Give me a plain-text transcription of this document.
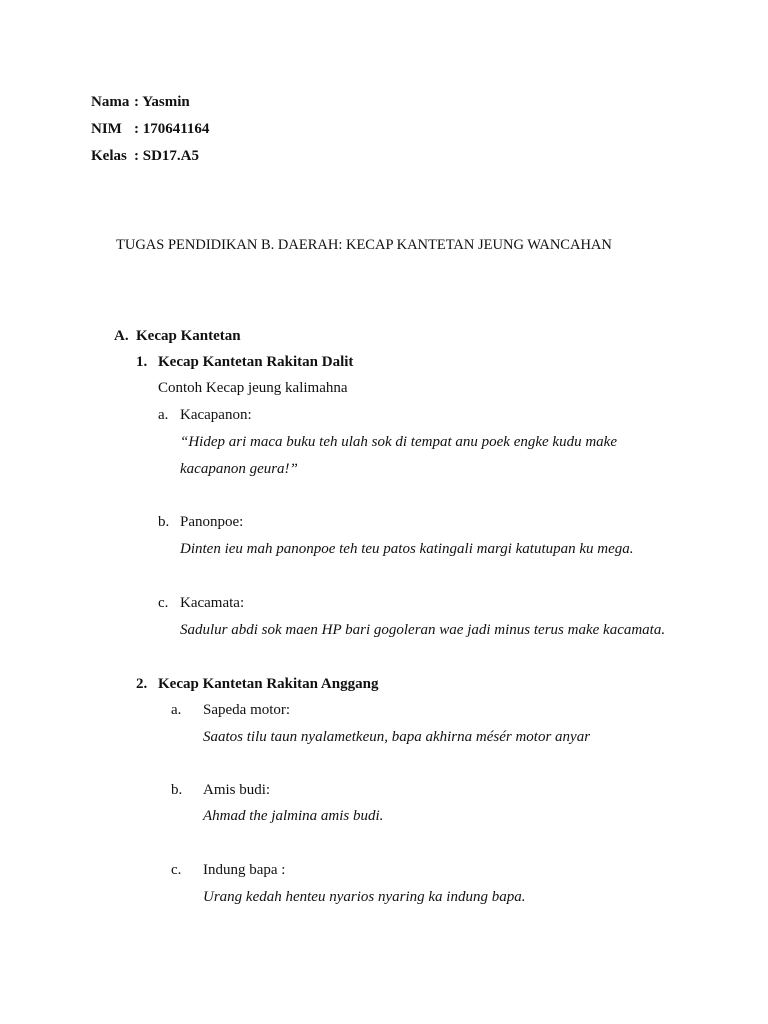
Nama : Yasmin
NIM : 170641164
Kelas : SD17.A5
TUGAS PENDIDIKAN B. DAERAH: KECAP KANTETAN JEUNG WANCAHAN
A. Kecap Kantetan
1. Kecap Kantetan Rakitan Dalit
Contoh Kecap jeung kalimahna
a. Kacapanon:
“Hidep ari maca buku teh ulah sok di tempat anu poek engke kudu make
kacapanon geura!”
b. Panonpoe:
Dinten ieu mah panonpoe teh teu patos katingali margi katutupan ku mega.
c. Kacamata:
Sadulur abdi sok maen HP bari gogoleran wae jadi minus terus make kacamata.
2. Kecap Kantetan Rakitan Anggang
a. Sapeda motor:
Saatos tilu taun nyalametkeun, bapa akhirna mésér motor anyar
b. Amis budi:
Ahmad the jalmina amis budi.
c. Indung bapa :
Urang kedah henteu nyarios nyaring ka indung bapa.
